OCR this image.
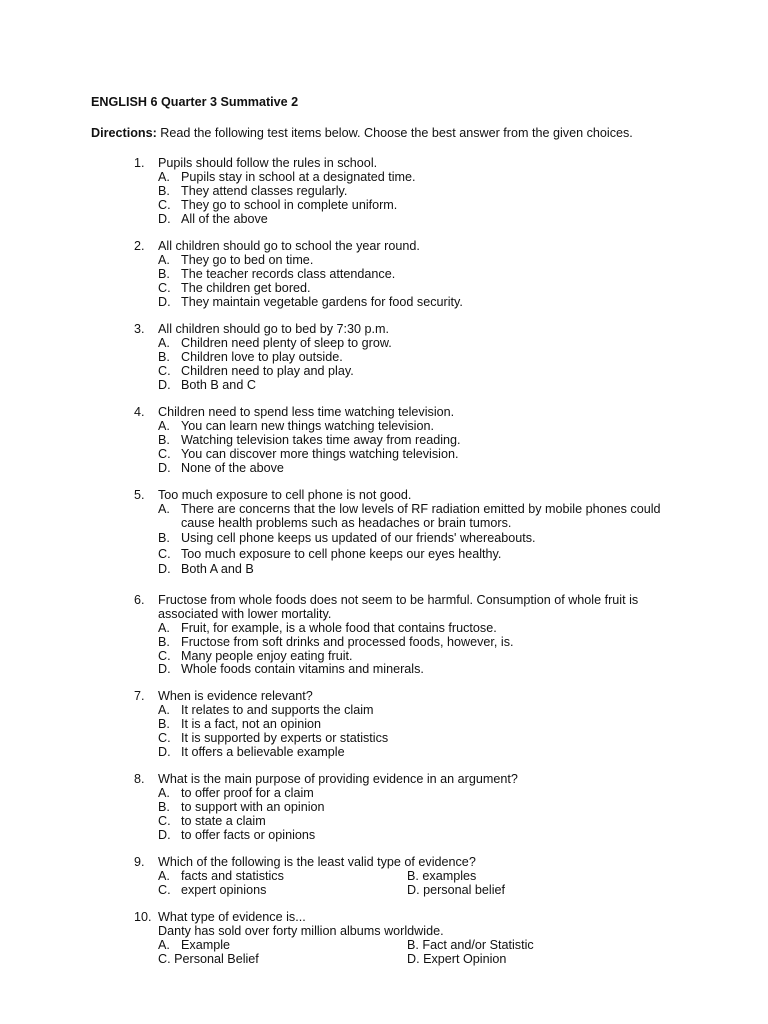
ENGLISH 6 Quarter 3 Summative 2
Directions: Read the following test items below. Choose the best answer from the given choices.
1. Pupils should follow the rules in school.
A. Pupils stay in school at a designated time.
B. They attend classes regularly.
C. They go to school in complete uniform.
D. All of the above
2. All children should go to school the year round.
A. They go to bed on time.
B. The teacher records class attendance.
C. The children get bored.
D. They maintain vegetable gardens for food security.
3. All children should go to bed by 7:30 p.m.
A. Children need plenty of sleep to grow.
B. Children love to play outside.
C. Children need to play and play.
D. Both B and C
4. Children need to spend less time watching television.
A. You can learn new things watching television.
B. Watching television takes time away from reading.
C. You can discover more things watching television.
D. None of the above
5. Too much exposure to cell phone is not good.
A. There are concerns that the low levels of RF radiation emitted by mobile phones could
cause health problems such as headaches or brain tumors.
B. Using cell phone keeps us updated of our friends' whereabouts.
C. Too much exposure to cell phone keeps our eyes healthy.
D. Both A and B
6. Fructose from whole foods does not seem to be harmful. Consumption of whole fruit is
associated with lower mortality.
A. Fruit, for example, is a whole food that contains fructose.
B. Fructose from soft drinks and processed foods, however, is.
C. Many people enjoy eating fruit.
D. Whole foods contain vitamins and minerals.
7. When is evidence relevant?
A. It relates to and supports the claim
B. It is a fact, not an opinion
C. It is supported by experts or statistics
D. It offers a believable example
8. What is the main purpose of providing evidence in an argument?
A. to offer proof for a claim
B. to support with an opinion
C. to state a claim
D. to offer facts or opinions
9. Which of the following is the least valid type of evidence?
A. facts and statistics	B. examples
C. expert opinions	D. personal belief
10. What type of evidence is...
Danty has sold over forty million albums worldwide.
A. Example	B. Fact and/or Statistic
C. Personal Belief	D. Expert Opinion
